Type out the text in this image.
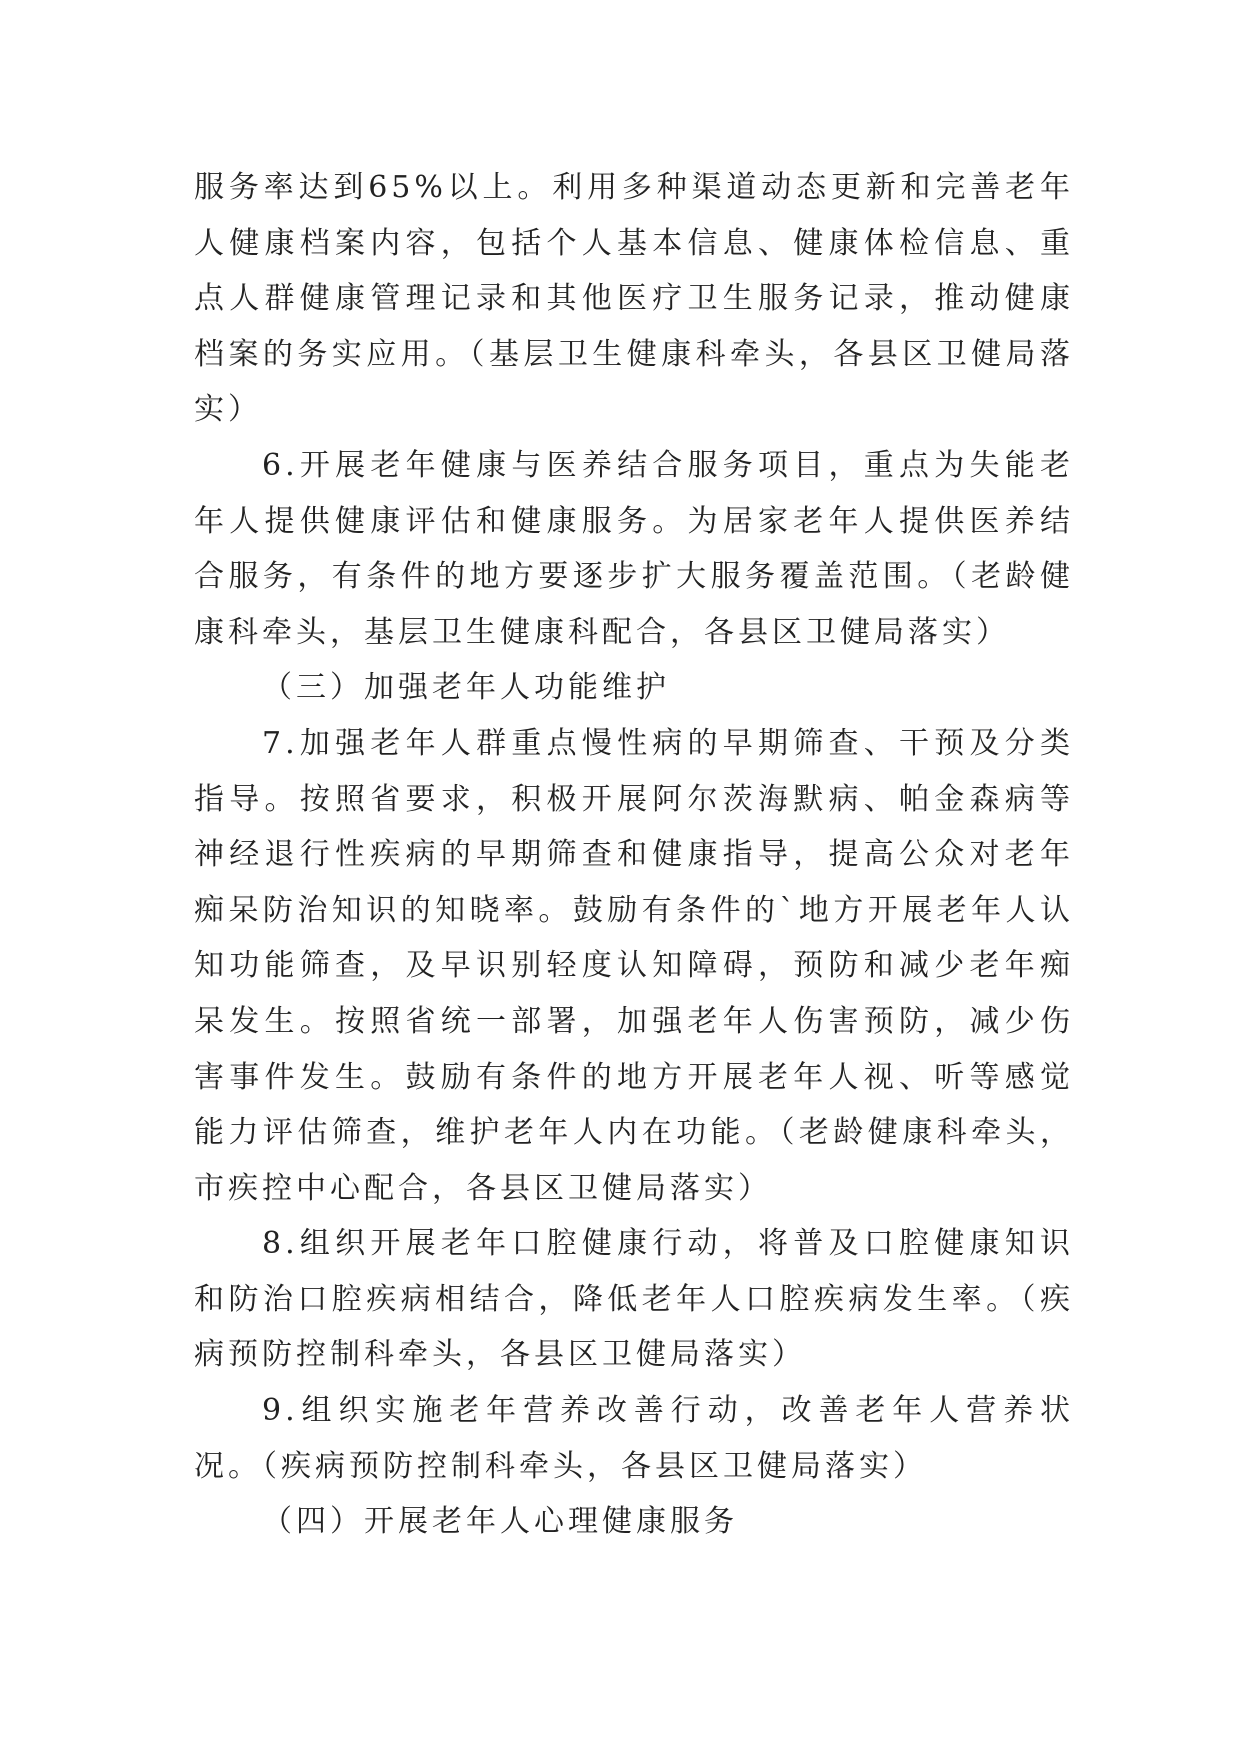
服务率达到65%以上。利用多种渠道动态更新和完善老年人健康档案内容，包括个人基本信息、健康体检信息、重点人群健康管理记录和其他医疗卫生服务记录，推动健康档案的务实应用。（基层卫生健康科牵头，各县区卫健局落实）

6.开展老年健康与医养结合服务项目，重点为失能老年人提供健康评估和健康服务。为居家老年人提供医养结合服务，有条件的地方要逐步扩大服务覆盖范围。（老龄健康科牵头，基层卫生健康科配合，各县区卫健局落实）

（三）加强老年人功能维护

7.加强老年人群重点慢性病的早期筛查、干预及分类指导。按照省要求，积极开展阿尔茨海默病、帕金森病等神经退行性疾病的早期筛查和健康指导，提高公众对老年痴呆防治知识的知晓率。鼓励有条件的`地方开展老年人认知功能筛查，及早识别轻度认知障碍，预防和减少老年痴呆发生。按照省统一部署，加强老年人伤害预防，减少伤害事件发生。鼓励有条件的地方开展老年人视、听等感觉能力评估筛查，维护老年人内在功能。（老龄健康科牵头，市疾控中心配合，各县区卫健局落实）

8.组织开展老年口腔健康行动，将普及口腔健康知识和防治口腔疾病相结合，降低老年人口腔疾病发生率。（疾病预防控制科牵头，各县区卫健局落实）

9.组织实施老年营养改善行动，改善老年人营养状况。（疾病预防控制科牵头，各县区卫健局落实）

（四）开展老年人心理健康服务
